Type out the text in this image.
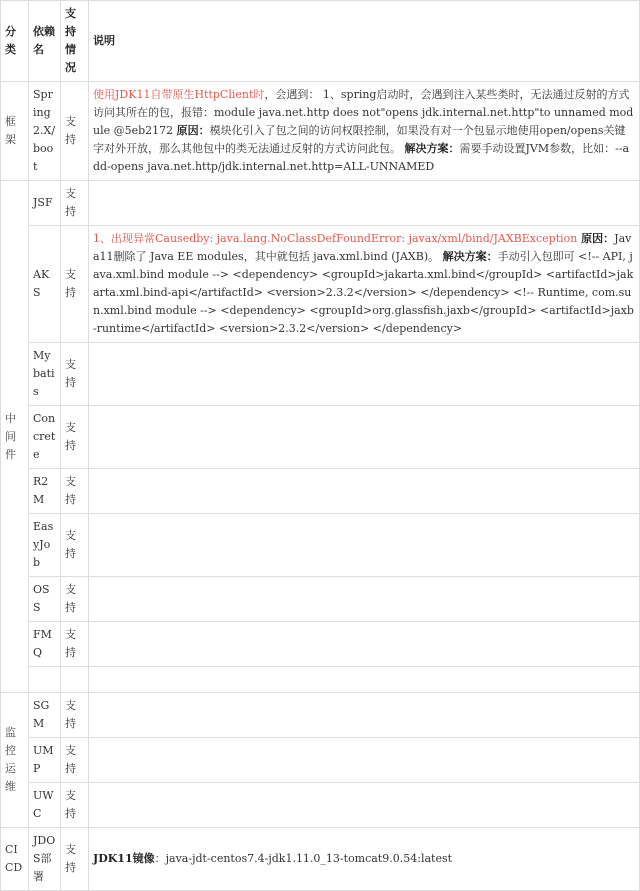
分类	依赖名	支持情况	说明
框架	Spring2.X/boot	支持	使用JDK11自带原生HttpClient时，会遇到： 1、spring启动时，会遇到注入某些类时，无法通过反射的方式访问其所在的包，报错：module java.net.http does not"opens jdk.internal.net.http"to unnamed module @5eb2172 原因：模块化引入了包之间的访问权限控制，如果没有对一个包显示地使用open/opens关键字对外开放，那么其他包中的类无法通过反射的方式访问此包。 解决方案：需要手动设置JVM参数，比如：--add-opens java.net.http/jdk.internal.net.http=ALL-UNNAMED
中间件	JSF	支持	
	AKS	支持	1、出现异常Causedby: java.lang.NoClassDefFoundError: javax/xml/bind/JAXBException 原因：Java11删除了 Java EE modules，其中就包括 java.xml.bind (JAXB)。 解决方案：手动引入包即可 <!-- API, java.xml.bind module --> <dependency> <groupId>jakarta.xml.bind</groupId> <artifactId>jakarta.xml.bind-api</artifactId> <version>2.3.2</version> </dependency> <!-- Runtime, com.sun.xml.bind module --> <dependency> <groupId>org.glassfish.jaxb</groupId> <artifactId>jaxb-runtime</artifactId> <version>2.3.2</version> </dependency>
	Mybatis	支持	
	Concrete	支持	
	R2M	支持	
	EasyJob	支持	
	OSS	支持	
	FMQ	支持	

监控运维	SGM	支持	
	UMP	支持	
	UWC	支持	
CICD	JDOS部署	支持	JDK11镜像：java-jdt-centos7.4-jdk1.11.0_13-tomcat9.0.54:latest
